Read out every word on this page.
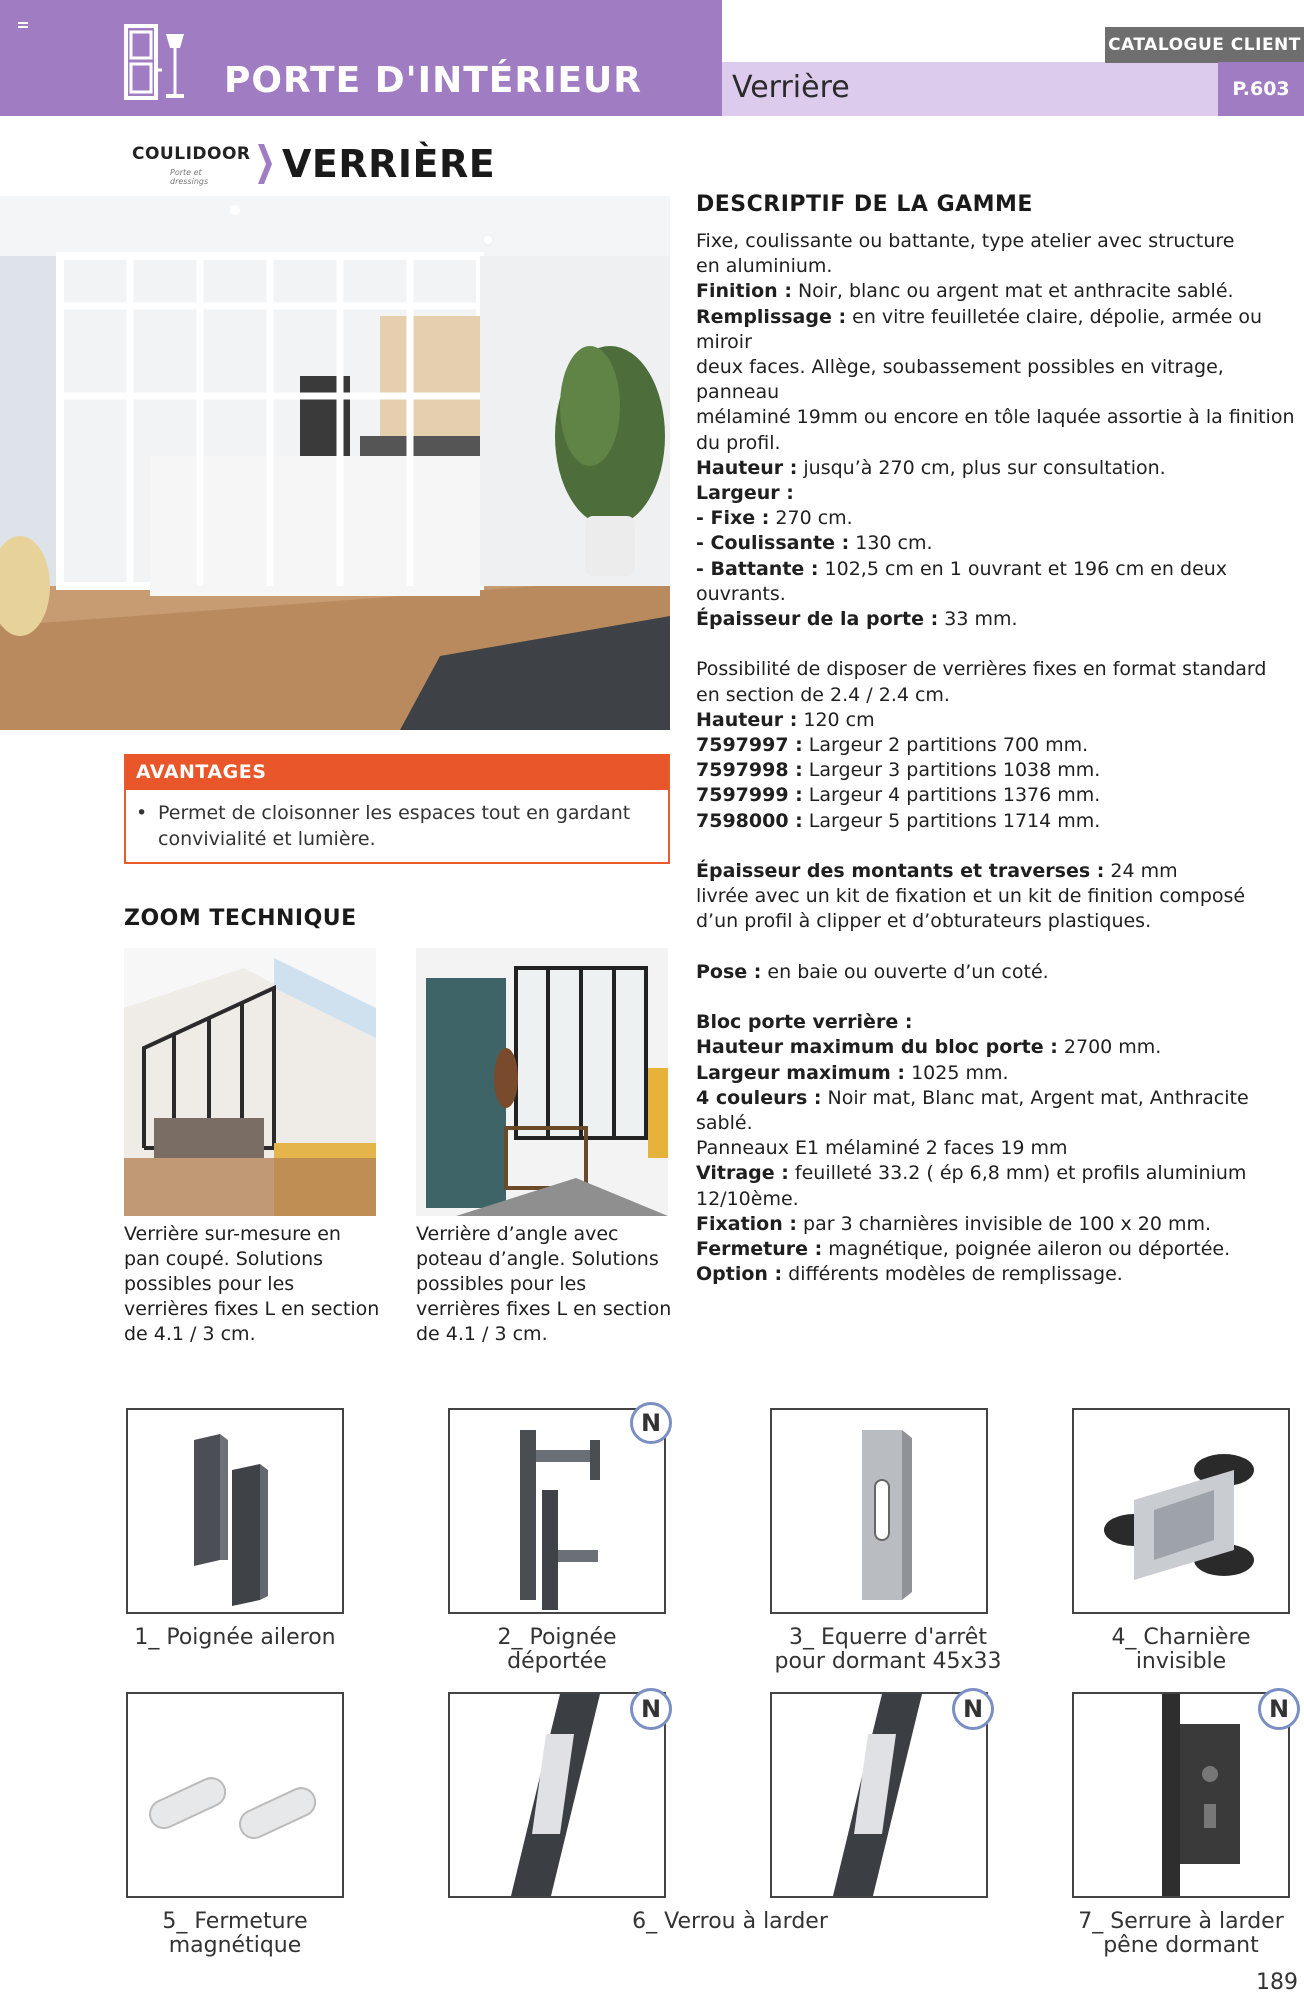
PORTE D'INTÉRIEUR	Verrière
CATALOGUE CLIENT
P.603
COULIDOOR
Porte et dressings	VERRIÈRE
AVANTAGES
• Permet de cloisonner les espaces tout en gardant convivialité et lumière.
ZOOM TECHNIQUE
Verrière sur-mesure en pan coupé. Solutions possibles pour les verrières fixes L en section de 4.1 / 3 cm.
Verrière d’angle avec poteau d’angle. Solutions possibles pour les verrières fixes L en section de 4.1 / 3 cm.
DESCRIPTIF DE LA GAMME

Fixe, coulissante ou battante, type atelier avec structure

en aluminium.

Finition : Noir, blanc ou argent mat et anthracite sablé.

Remplissage : en vitre feuilletée claire, dépolie, armée ou miroir

deux faces. Allège, soubassement possibles en vitrage, panneau

mélaminé 19mm ou encore en tôle laquée assortie à la finition

du profil.

Hauteur : jusqu’à 270 cm, plus sur consultation.

Largeur :

- Fixe : 270 cm.

- Coulissante : 130 cm.

- Battante : 102,5 cm en 1 ouvrant et 196 cm en deux ouvrants.

Épaisseur de la porte : 33 mm.

Possibilité de disposer de verrières fixes en format standard

en section de 2.4 / 2.4 cm.

Hauteur : 120 cm

7597997 : Largeur 2 partitions 700 mm.

7597998 : Largeur 3 partitions 1038 mm.

7597999 : Largeur 4 partitions 1376 mm.

7598000 : Largeur 5 partitions 1714 mm.

Épaisseur des montants et traverses : 24 mm

livrée avec un kit de fixation et un kit de finition composé

d’un profil à clipper et d’obturateurs plastiques.

Pose : en baie ou ouverte d’un coté.

Bloc porte verrière :

Hauteur maximum du bloc porte : 2700 mm.

Largeur maximum : 1025 mm.

4 couleurs : Noir mat, Blanc mat, Argent mat, Anthracite sablé.

Panneaux E1 mélaminé 2 faces 19 mm

Vitrage : feuilleté 33.2 ( ép 6,8 mm) et profils aluminium

12/10ème.

Fixation : par 3 charnières invisible de 100 x 20 mm.

Fermeture : magnétique, poignée aileron ou déportée.

Option : différents modèles de remplissage.

N
1_ Poignée aileron	2_ Poignée
déportée
3_ Equerre d'arrêt
pour dormant 45x33
4_ Charnière
invisible
N	N	N
5_ Fermeture
magnétique
6_ Verrou à larder	7_ Serrure à larder
pêne dormant
189
